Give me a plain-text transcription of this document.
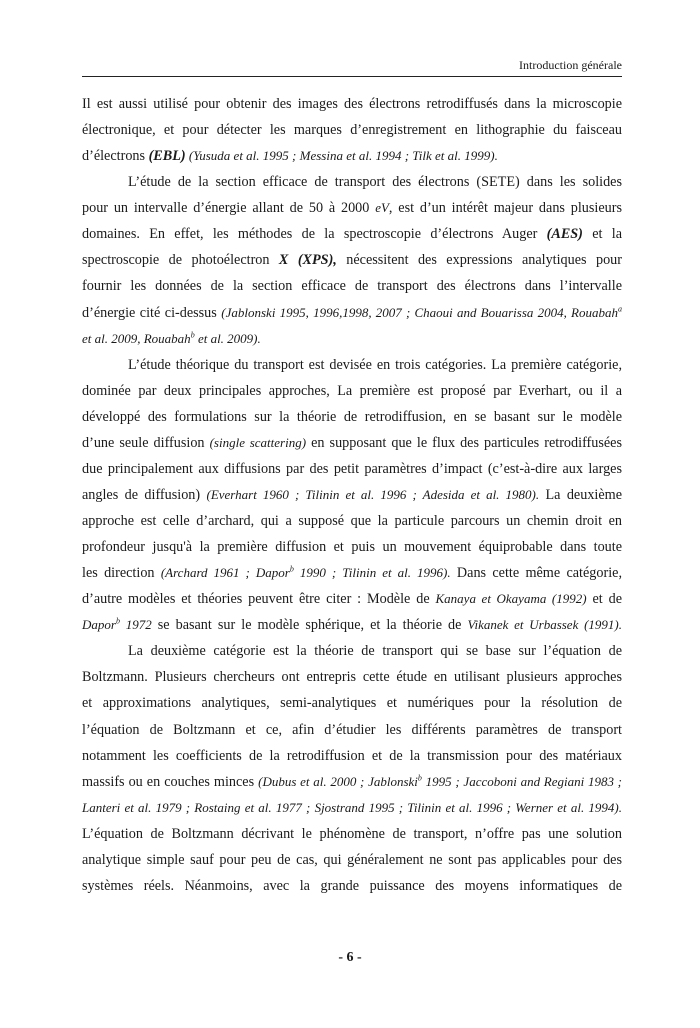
Introduction générale
Il est aussi utilisé pour obtenir des images des électrons retrodiffusés dans la microscopie
électronique, et pour détecter les marques d’enregistrement en lithographie du faisceau
d’électrons (EBL) (Yusuda et al. 1995 ; Messina et al. 1994 ; Tilk et al. 1999).
L’étude de la section efficace de transport des électrons (SETE) dans les solides
pour un intervalle d’énergie allant de 50 à 2000 eV, est d’un intérêt majeur dans plusieurs
domaines. En effet, les méthodes de la spectroscopie d’électrons Auger (AES) et la
spectroscopie de photoélectron X (XPS), nécessitent des expressions analytiques pour
fournir les données de la section efficace de transport des électrons dans l’intervalle
d’énergie cité ci-dessus (Jablonski 1995, 1996,1998, 2007 ; Chaoui and Bouarissa 2004, Rouabah$^a$
et al. 2009, Rouabah$^b$ et al. 2009).
L’étude théorique du transport est devisée en trois catégories. La première catégorie,
dominée par deux principales approches, La première est proposé par Everhart, ou il a
développé des formulations sur la théorie de retrodiffusion, en se basant sur le modèle
d’une seule diffusion (single scattering) en supposant que le flux des particules retrodiffusées
due principalement aux diffusions par des petit paramètres d’impact (c’est-à-dire aux larges
angles de diffusion) (Everhart 1960 ; Tilinin et al. 1996 ; Adesida et al. 1980). La deuxième
approche est celle d’archard, qui a supposé que la particule parcours un chemin droit en
profondeur jusqu'à la première diffusion et puis un mouvement équiprobable dans toute
les direction (Archard 1961 ; Dapor$^b$ 1990 ; Tilinin et al. 1996). Dans cette même catégorie,
d’autre modèles et théories peuvent être citer : Modèle de Kanaya et Okayama (1992) et de
Dapor$^b$ 1972 se basant sur le modèle sphérique, et la théorie de Vikanek et Urbassek (1991).
La deuxième catégorie est la théorie de transport qui se base sur l’équation de
Boltzmann. Plusieurs chercheurs ont entrepris cette étude en utilisant plusieurs approches
et approximations analytiques, semi-analytiques et numériques pour la résolution de
l’équation de Boltzmann et ce, afin d’étudier les différents paramètres de transport
notamment les coefficients de la retrodiffusion et de la transmission pour des matériaux
massifs ou en couches minces (Dubus et al. 2000 ; Jablonski$^b$ 1995 ; Jaccoboni and Regiani 1983 ;
Lanteri et al. 1979 ; Rostaing et al. 1977 ; Sjostrand 1995 ; Tilinin et al. 1996 ; Werner et al. 1994).
L’équation de Boltzmann décrivant le phénomène de transport, n’offre pas une solution
analytique simple sauf pour peu de cas, qui généralement ne sont pas applicables pour des
systèmes réels. Néanmoins, avec la grande puissance des moyens informatiques de
- 6 -
